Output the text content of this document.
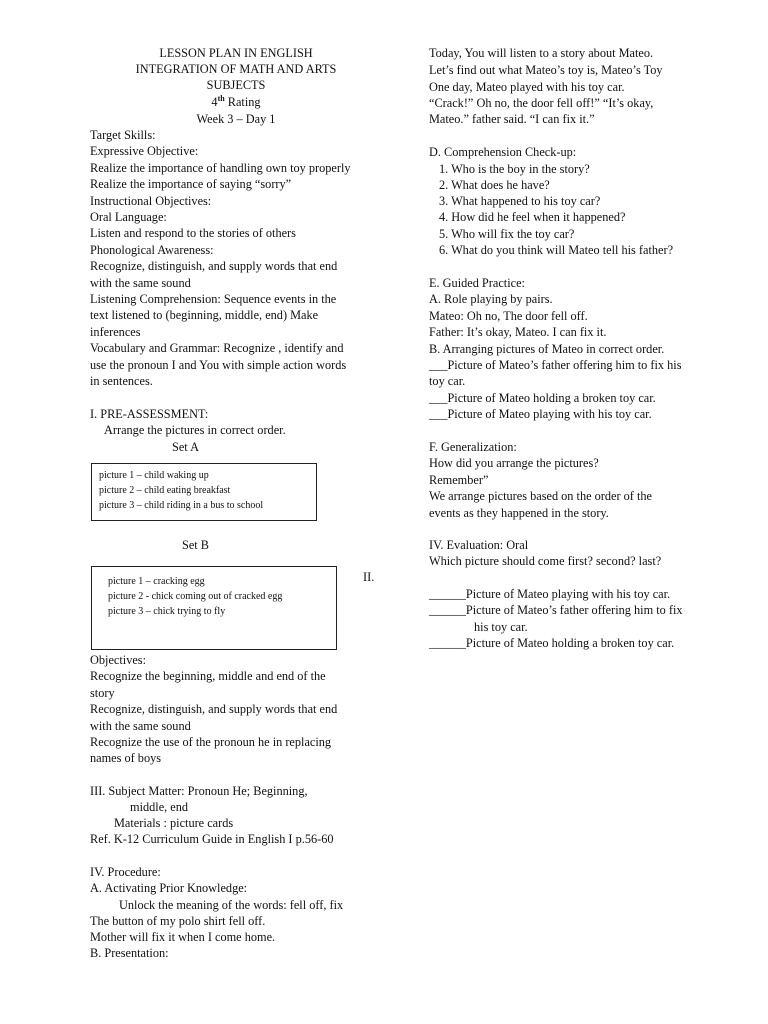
LESSON PLAN IN ENGLISH
INTEGRATION OF MATH AND ARTS
SUBJECTS
4th Rating
Week 3 – Day 1
Target Skills:
Expressive Objective:
Realize the importance of handling own toy properly
Realize the importance of saying “sorry”
Instructional Objectives:
Oral Language:
Listen and respond to the stories of others
Phonological Awareness:
Recognize, distinguish, and supply words that end
with the same sound
Listening Comprehension: Sequence events in the
text listened to (beginning, middle, end) Make
inferences
Vocabulary and Grammar: Recognize , identify and
use the pronoun I and You with simple action words
in sentences.
I. PRE-ASSESSMENT:
Arrange the pictures in correct order.
Set A
picture 1 – child waking up
picture 2 – child eating breakfast
picture 3 – child riding in a bus to school
Set B
picture 1 – cracking egg
picture 2 - chick coming out of cracked egg
picture 3 – chick trying to fly
II.
Objectives:
Recognize the beginning, middle and end of the
story
Recognize, distinguish, and supply words that end
with the same sound
Recognize the use of the pronoun he in replacing
names of boys
III. Subject Matter: Pronoun He; Beginning,
middle, end
Materials : picture cards
Ref. K-12 Curriculum Guide in English I p.56-60
IV. Procedure:
A. Activating Prior Knowledge:
Unlock the meaning of the words: fell off, fix
The button of my polo shirt fell off.
Mother will fix it when I come home.
B. Presentation:
Today, You will listen to a story about Mateo.
Let’s find out what Mateo’s toy is, Mateo’s Toy
One day, Mateo played with his toy car.
“Crack!” Oh no, the door fell off!” “It’s okay,
Mateo.” father said. “I can fix it.”
D. Comprehension Check-up:
1. Who is the boy in the story?
2. What does he have?
3. What happened to his toy car?
4. How did he feel when it happened?
5. Who will fix the toy car?
6. What do you think will Mateo tell his father?
E. Guided Practice:
A. Role playing by pairs.
Mateo: Oh no, The door fell off.
Father: It’s okay, Mateo. I can fix it.
B. Arranging pictures of Mateo in correct order.
___Picture of Mateo’s father offering him to fix his
toy car.
___Picture of Mateo holding a broken toy car.
___Picture of Mateo playing with his toy car.
F. Generalization:
How did you arrange the pictures?
Remember”
We arrange pictures based on the order of the
events as they happened in the story.
IV. Evaluation: Oral
Which picture should come first? second? last?
______Picture of Mateo playing with his toy car.
______Picture of Mateo’s father offering him to fix
his toy car.
______Picture of Mateo holding a broken toy car.
